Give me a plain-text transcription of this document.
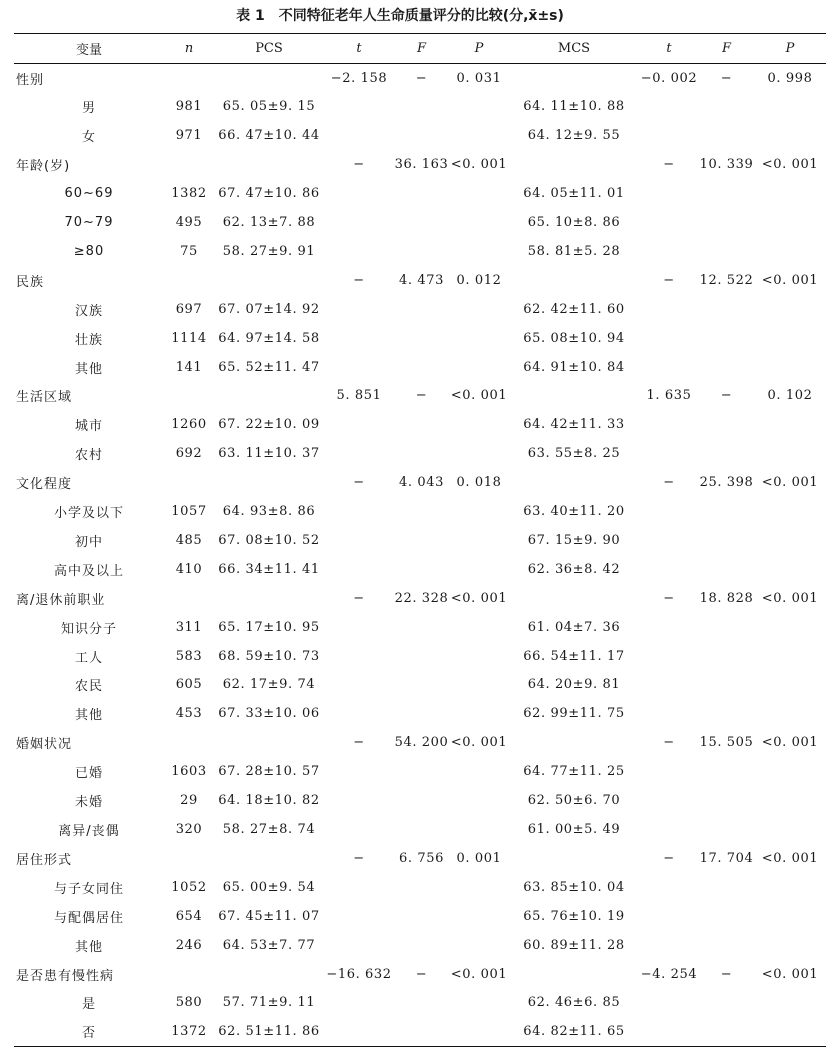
表 1 不同特征老年人生命质量评分的比较(分,x̄±s)
变量	n	PCS	t	F	P	MCS	t	F	P
性别			−2. 158	−	0. 031		−0. 002	−	0. 998
男	981	65. 05±9. 15				64. 11±10. 88			
女	971	66. 47±10. 44				64. 12±9. 55			
年龄(岁)			−	36. 163	<0. 001		−	10. 339	<0. 001
60~69	1382	67. 47±10. 86				64. 05±11. 01			
70~79	495	62. 13±7. 88				65. 10±8. 86			
≥80	75	58. 27±9. 91				58. 81±5. 28			
民族			−	4. 473	0. 012		−	12. 522	<0. 001
汉族	697	67. 07±14. 92				62. 42±11. 60			
壮族	1114	64. 97±14. 58				65. 08±10. 94			
其他	141	65. 52±11. 47				64. 91±10. 84			
生活区域			5. 851	−	<0. 001		1. 635	−	0. 102
城市	1260	67. 22±10. 09				64. 42±11. 33			
农村	692	63. 11±10. 37				63. 55±8. 25			
文化程度			−	4. 043	0. 018		−	25. 398	<0. 001
小学及以下	1057	64. 93±8. 86				63. 40±11. 20			
初中	485	67. 08±10. 52				67. 15±9. 90			
高中及以上	410	66. 34±11. 41				62. 36±8. 42			
离/退休前职业			−	22. 328	<0. 001		−	18. 828	<0. 001
知识分子	311	65. 17±10. 95				61. 04±7. 36			
工人	583	68. 59±10. 73				66. 54±11. 17			
农民	605	62. 17±9. 74				64. 20±9. 81			
其他	453	67. 33±10. 06				62. 99±11. 75			
婚姻状况			−	54. 200	<0. 001		−	15. 505	<0. 001
已婚	1603	67. 28±10. 57				64. 77±11. 25			
未婚	29	64. 18±10. 82				62. 50±6. 70			
离异/丧偶	320	58. 27±8. 74				61. 00±5. 49			
居住形式			−	6. 756	0. 001		−	17. 704	<0. 001
与子女同住	1052	65. 00±9. 54				63. 85±10. 04			
与配偶居住	654	67. 45±11. 07				65. 76±10. 19			
其他	246	64. 53±7. 77				60. 89±11. 28			
是否患有慢性病			−16. 632	−	<0. 001		−4. 254	−	<0. 001
是	580	57. 71±9. 11				62. 46±6. 85			
否	1372	62. 51±11. 86				64. 82±11. 65			
